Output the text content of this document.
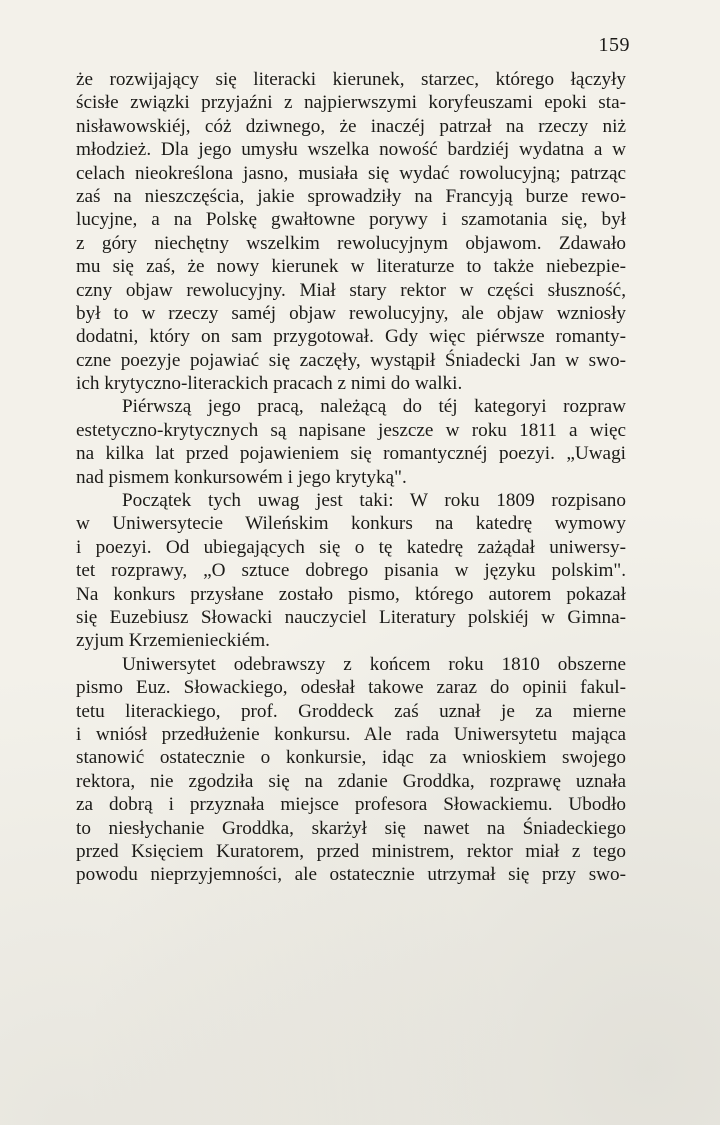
159
że rozwijający się literacki kierunek, starzec, którego łączyły
ścisłe związki przyjaźni z najpierwszymi koryfeuszami epoki sta-
nisławowskiéj, cóż dziwnego, że inaczéj patrzał na rzeczy niż
młodzież. Dla jego umysłu wszelka nowość bardziéj wydatna a w
celach nieokreślona jasno, musiała się wydać rowolucyjną; patrząc
zaś na nieszczęścia, jakie sprowadziły na Francyją burze rewo-
lucyjne, a na Polskę gwałtowne porywy i szamotania się, był
z góry niechętny wszelkim rewolucyjnym objawom. Zdawało
mu się zaś, że nowy kierunek w literaturze to także niebezpie-
czny objaw rewolucyjny. Miał stary rektor w części słuszność,
był to w rzeczy saméj objaw rewolucyjny, ale objaw wzniosły
dodatni, który on sam przygotował. Gdy więc piérwsze romanty-
czne poezyje pojawiać się zaczęły, wystąpił Śniadecki Jan w swo-
ich krytyczno-literackich pracach z nimi do walki.
Piérwszą jego pracą, należącą do téj kategoryi rozpraw
estetyczno-krytycznych są napisane jeszcze w roku 1811 a więc
na kilka lat przed pojawieniem się romantycznéj poezyi. „Uwagi
nad pismem konkursowém i jego krytyką".
Początek tych uwag jest taki: W roku 1809 rozpisano
w Uniwersytecie Wileńskim konkurs na katedrę wymowy
i poezyi. Od ubiegających się o tę katedrę zażądał uniwersy-
tet rozprawy, „O sztuce dobrego pisania w języku polskim".
Na konkurs przysłane zostało pismo, którego autorem pokazał
się Euzebiusz Słowacki nauczyciel Literatury polskiéj w Gimna-
zyjum Krzemienieckiém.
Uniwersytet odebrawszy z końcem roku 1810 obszerne
pismo Euz. Słowackiego, odesłał takowe zaraz do opinii fakul-
tetu literackiego, prof. Groddeck zaś uznał je za mierne
i wniósł przedłużenie konkursu. Ale rada Uniwersytetu mająca
stanowić ostatecznie o konkursie, idąc za wnioskiem swojego
rektora, nie zgodziła się na zdanie Groddka, rozprawę uznała
za dobrą i przyznała miejsce profesora Słowackiemu. Ubodło
to niesłychanie Groddka, skarżył się nawet na Śniadeckiego
przed Księciem Kuratorem, przed ministrem, rektor miał z tego
powodu nieprzyjemności, ale ostatecznie utrzymał się przy swo-
